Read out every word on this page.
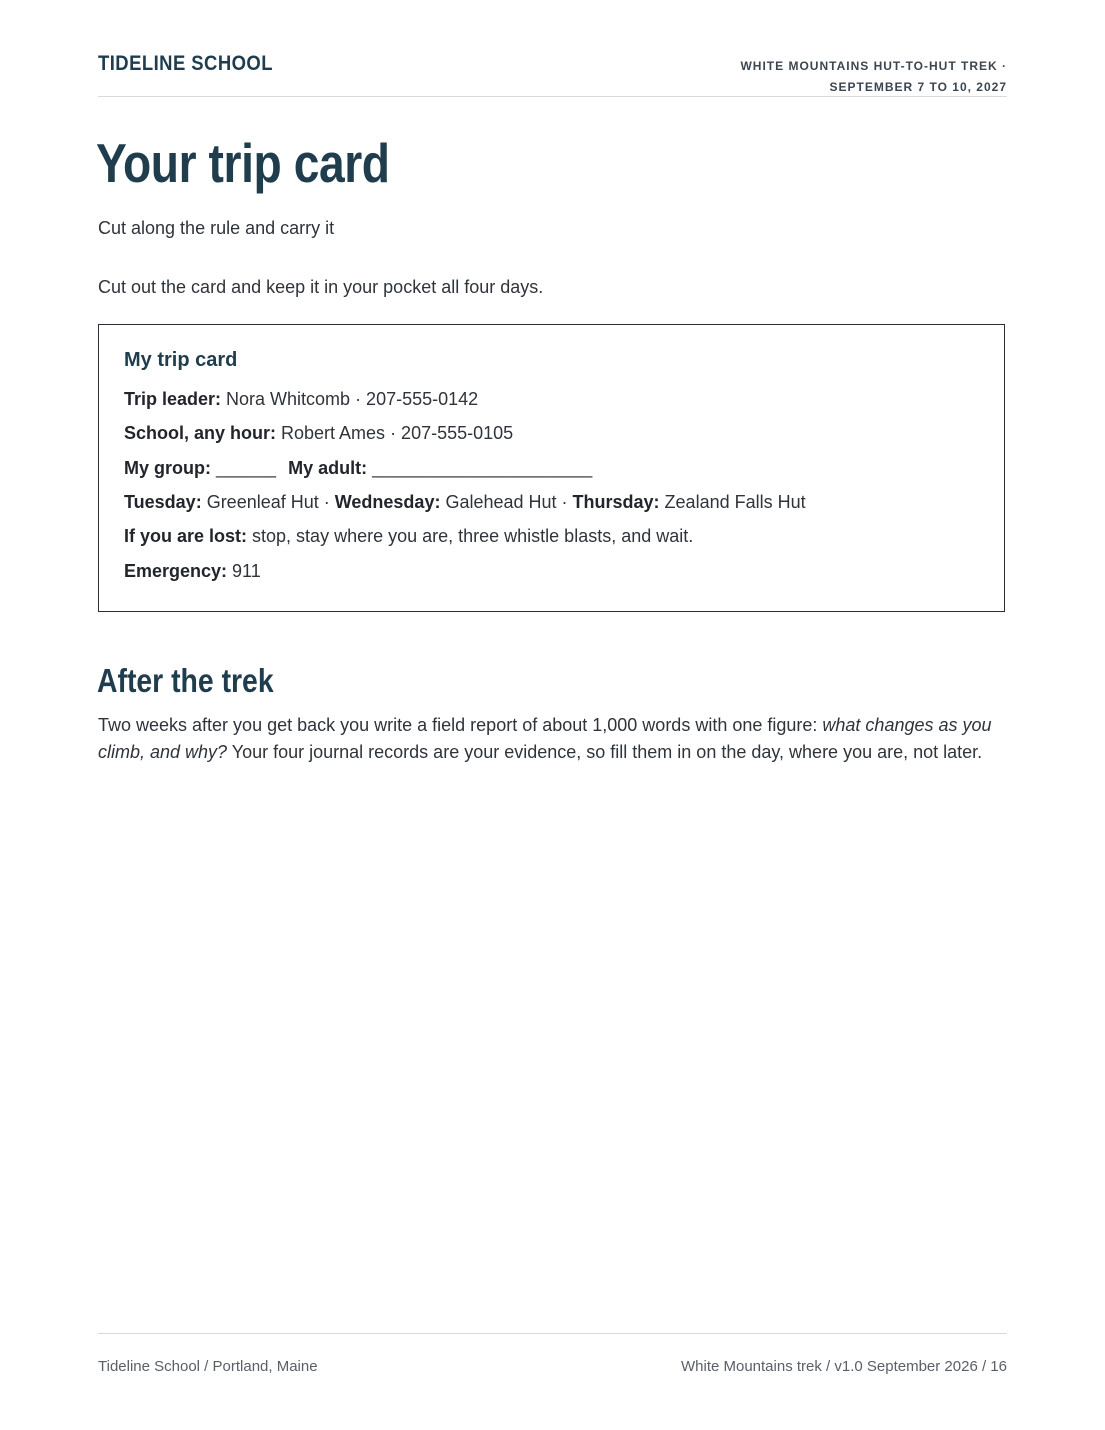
TIDELINE SCHOOL	WHITE MOUNTAINS HUT-TO-HUT TREK ·
SEPTEMBER 7 TO 10, 2027
Your trip card
Cut along the rule and carry it
Cut out the card and keep it in your pocket all four days.
My trip card
Trip leader: Nora Whitcomb · 207-555-0142
School, any hour: Robert Ames · 207-555-0105
My group: ______ My adult: ______________________
Tuesday: Greenleaf Hut · Wednesday: Galehead Hut · Thursday: Zealand Falls Hut
If you are lost: stop, stay where you are, three whistle blasts, and wait.
Emergency: 911
After the trek

Two weeks after you get back you write a field report of about 1,000 words with one figure: what changes as you climb, and why? Your four journal records are your evidence, so fill them in on the day, where you are, not later.

Tideline School / Portland, Maine	White Mountains trek / v1.0 September 2026 / 16
